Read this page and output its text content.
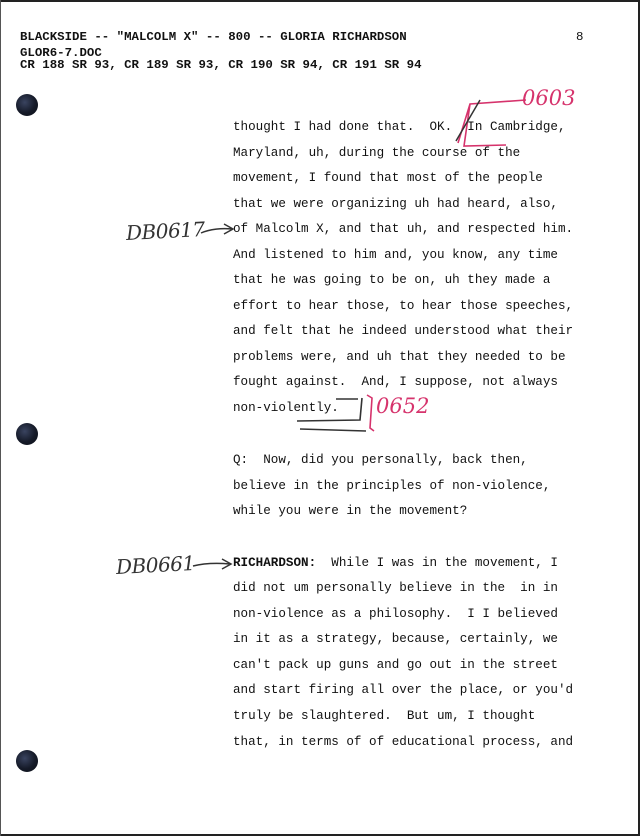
BLACKSIDE -- "MALCOLM X" -- 800 -- GLORIA RICHARDSON
GLOR6-7.DOC
CR 188 SR 93, CR 189 SR 93, CR 190 SR 94, CR 191 SR 94
8
thought I had done that.  OK.  In Cambridge,
Maryland, uh, during the course of the
movement, I found that most of the people
that we were organizing uh had heard, also,
of Malcolm X, and that uh, and respected him.
And listened to him and, you know, any time
that he was going to be on, uh they made a
effort to hear those, to hear those speeches,
and felt that he indeed understood what their
problems were, and uh that they needed to be
fought against.  And, I suppose, not always
non-violently.
Q:  Now, did you personally, back then,
believe in the principles of non-violence,
while you were in the movement?
RICHARDSON:  While I was in the movement, I
did not um personally believe in the  in in
non-violence as a philosophy.  I I believed
in it as a strategy, because, certainly, we
can't pack up guns and go out in the street
and start firing all over the place, or you'd
truly be slaughtered.  But um, I thought
that, in terms of of educational process, and
0603
0652
DB0617
DB0661
